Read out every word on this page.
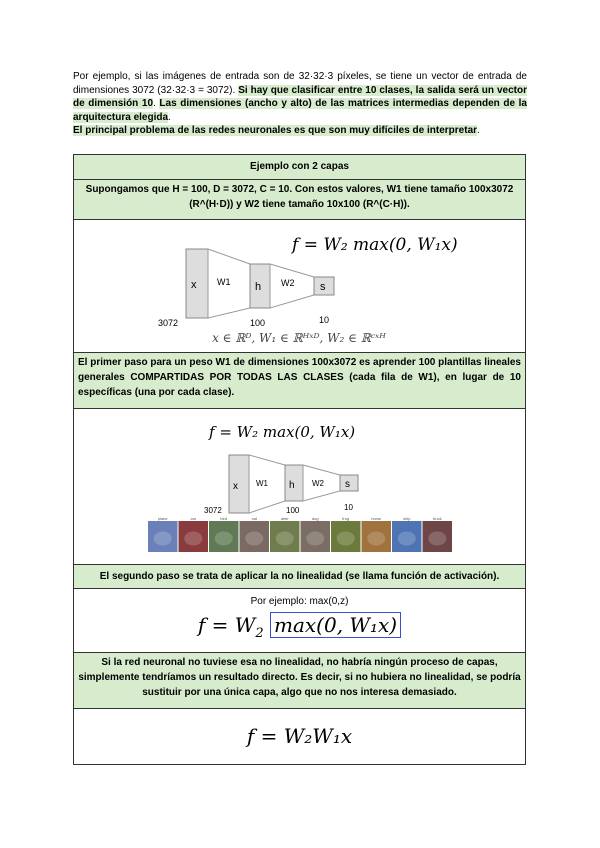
Por ejemplo, si las imágenes de entrada son de 32·32·3 píxeles, se tiene un vector de entrada de dimensiones 3072 (32·32·3 = 3072). Si hay que clasificar entre 10 clases, la salida será un vector de dimensión 10. Las dimensiones (ancho y alto) de las matrices intermedias dependen de la arquitectura elegida.

El principal problema de las redes neuronales es que son muy difíciles de interpretar.

Ejemplo con 2 capas
Supongamos que H = 100, D = 3072, C = 10. Con estos valores, W1 tiene tamaño 100x3072 (R^(H·D)) y W2 tiene tamaño 10x100 (R^(C·H)).
f = W₂ max(0, W₁x)
x W1 h W2 s
3072	100	10
x ∈ ℝᴰ, W₁ ∈ ℝᴴˣᴰ, W₂ ∈ ℝᶜˣᴴ
El primer paso para un peso W1 de dimensiones 100x3072 es aprender 100 plantillas lineales generales COMPARTIDAS POR TODAS LAS CLASES (cada fila de W1), en lugar de 10 específicas (una por cada clase).
f = W₂ max(0, W₁x)
x W1 h W2 s
3072	100	10
plane	car	bird	cat	deer	dog	frog	horse	ship	truck
El segundo paso se trata de aplicar la no linealidad (se llama función de activación).
Por ejemplo: max(0,z)
$f = W_2$ max(0, W₁x)
Si la red neuronal no tuviese esa no linealidad, no habría ningún proceso de capas, simplemente tendríamos un resultado directo. Es decir, si no hubiera no linealidad, se podría sustituir por una única capa, algo que no nos interesa demasiado.
f = W₂W₁x
